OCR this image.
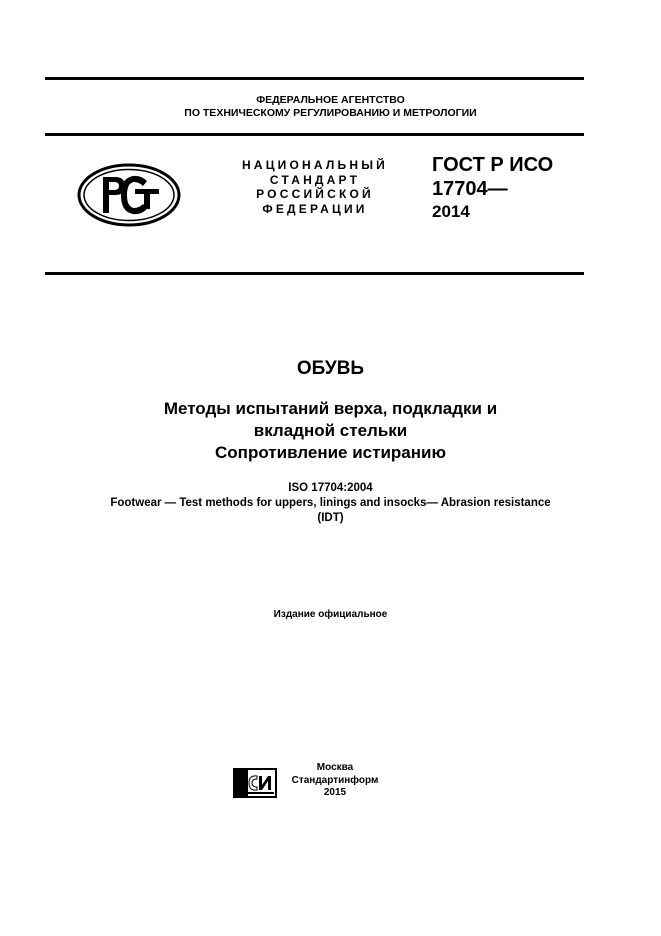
ФЕДЕРАЛЬНОЕ АГЕНТСТВО
ПО ТЕХНИЧЕСКОМУ РЕГУЛИРОВАНИЮ И МЕТРОЛОГИИ
НАЦИОНАЛЬНЫЙ
СТАНДАРТ
РОССИЙСКОЙ
ФЕДЕРАЦИИ
ГОСТ Р ИСО
17704—
2014
ОБУВЬ
Методы испытаний верха, подкладки и
вкладной стельки
Сопротивление истиранию
ISO 17704:2004
Footwear — Test methods for uppers, linings and insocks— Abrasion resistance
(IDT)
Издание официальное
Москва
Стандартинформ
2015
